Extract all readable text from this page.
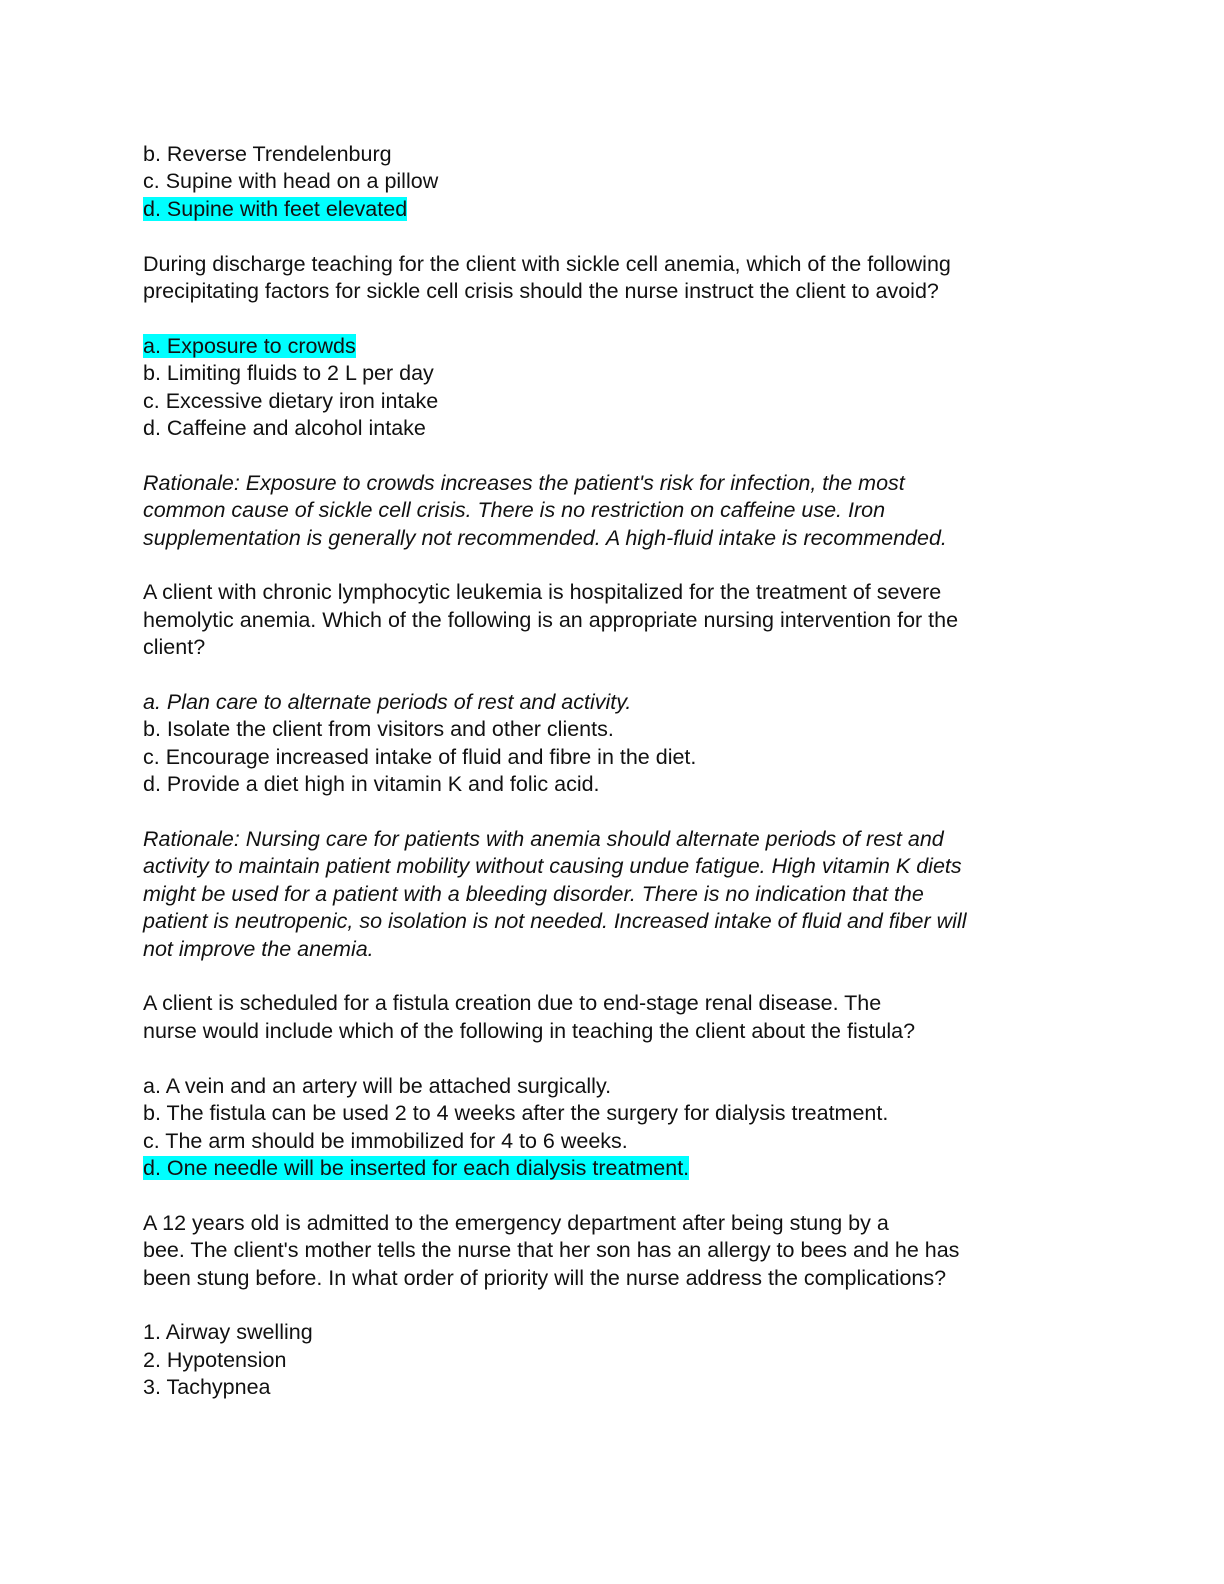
b. Reverse Trendelenburg
c. Supine with head on a pillow
d. Supine with feet elevated
During discharge teaching for the client with sickle cell anemia, which of the following
precipitating factors for sickle cell crisis should the nurse instruct the client to avoid?
a. Exposure to crowds
b. Limiting fluids to 2 L per day
c. Excessive dietary iron intake
d. Caffeine and alcohol intake
Rationale: Exposure to crowds increases the patient's risk for infection, the most
common cause of sickle cell crisis. There is no restriction on caffeine use. Iron
supplementation is generally not recommended. A high-fluid intake is recommended.
A client with chronic lymphocytic leukemia is hospitalized for the treatment of severe
hemolytic anemia. Which of the following is an appropriate nursing intervention for the
client?
a. Plan care to alternate periods of rest and activity.
b. Isolate the client from visitors and other clients.
c. Encourage increased intake of fluid and fibre in the diet.
d. Provide a diet high in vitamin K and folic acid.
Rationale: Nursing care for patients with anemia should alternate periods of rest and
activity to maintain patient mobility without causing undue fatigue. High vitamin K diets
might be used for a patient with a bleeding disorder. There is no indication that the
patient is neutropenic, so isolation is not needed. Increased intake of fluid and fiber will
not improve the anemia.
A client is scheduled for a fistula creation due to end-stage renal disease. The
nurse would include which of the following in teaching the client about the fistula?
a. A vein and an artery will be attached surgically.
b. The fistula can be used 2 to 4 weeks after the surgery for dialysis treatment.
c. The arm should be immobilized for 4 to 6 weeks.
d. One needle will be inserted for each dialysis treatment.
A 12 years old is admitted to the emergency department after being stung by a
bee. The client's mother tells the nurse that her son has an allergy to bees and he has
been stung before. In what order of priority will the nurse address the complications?
1. Airway swelling
2. Hypotension
3. Tachypnea
